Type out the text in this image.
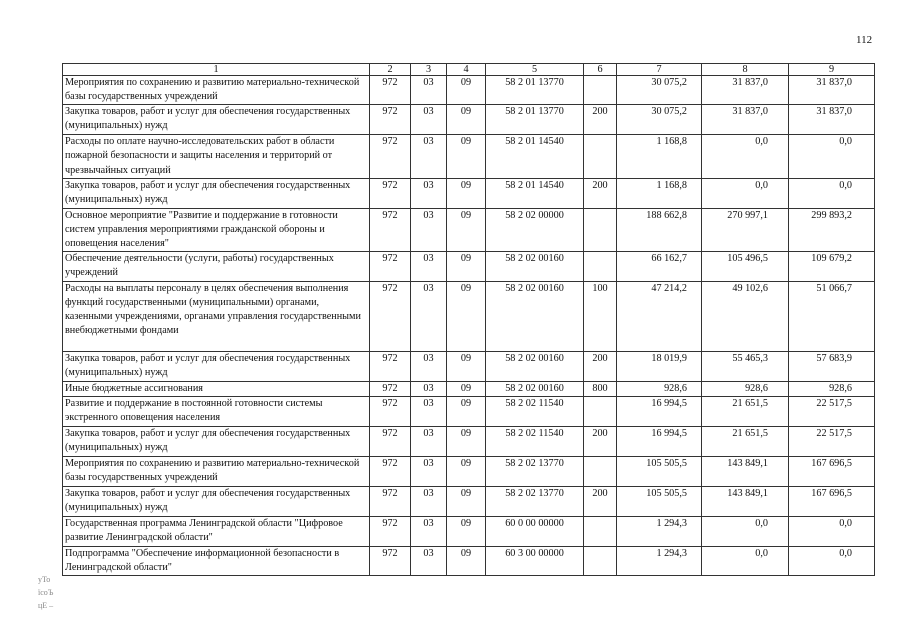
112
1	2	3	4	5	6	7	8	9
Мероприятия по сохранению и развитию материально-технической базы государственных учреждений	972	03	09	58 2 01 13770		30 075,2	31 837,0	31 837,0
Закупка товаров, работ и услуг для обеспечения государственных (муниципальных) нужд	972	03	09	58 2 01 13770	200	30 075,2	31 837,0	31 837,0
Расходы по оплате научно-исследовательских работ в области пожарной безопасности и защиты населения и территорий от чрезвычайных ситуаций	972	03	09	58 2 01 14540		1 168,8	0,0	0,0
Закупка товаров, работ и услуг для обеспечения государственных (муниципальных) нужд	972	03	09	58 2 01 14540	200	1 168,8	0,0	0,0
Основное мероприятие "Развитие и поддержание в готовности систем управления мероприятиями гражданской обороны и оповещения населения"	972	03	09	58 2 02 00000		188 662,8	270 997,1	299 893,2
Обеспечение деятельности (услуги, работы) государственных учреждений	972	03	09	58 2 02 00160		66 162,7	105 496,5	109 679,2
Расходы на выплаты персоналу в целях обеспечения выполнения функций государственными (муниципальными) органами, казенными учреждениями, органами управления государственными внебюджетными фондами	972	03	09	58 2 02 00160	100	47 214,2	49 102,6	51 066,7
Закупка товаров, работ и услуг для обеспечения государственных (муниципальных) нужд	972	03	09	58 2 02 00160	200	18 019,9	55 465,3	57 683,9
Иные бюджетные ассигнования	972	03	09	58 2 02 00160	800	928,6	928,6	928,6
Развитие и поддержание в постоянной готовности системы экстренного оповещения населения	972	03	09	58 2 02 11540		16 994,5	21 651,5	22 517,5
Закупка товаров, работ и услуг для обеспечения государственных (муниципальных) нужд	972	03	09	58 2 02 11540	200	16 994,5	21 651,5	22 517,5
Мероприятия по сохранению и развитию материально-технической базы государственных учреждений	972	03	09	58 2 02 13770		105 505,5	143 849,1	167 696,5
Закупка товаров, работ и услуг для обеспечения государственных (муниципальных) нужд	972	03	09	58 2 02 13770	200	105 505,5	143 849,1	167 696,5
Государственная программа Ленинградской области "Цифровое развитие Ленинградской области"	972	03	09	60 0 00 00000		1 294,3	0,0	0,0
Подпрограмма "Обеспечение информационной безопасности в Ленинградской области"	972	03	09	60 3 00 00000		1 294,3	0,0	0,0
уТо
їсоЪ
цЕ –
